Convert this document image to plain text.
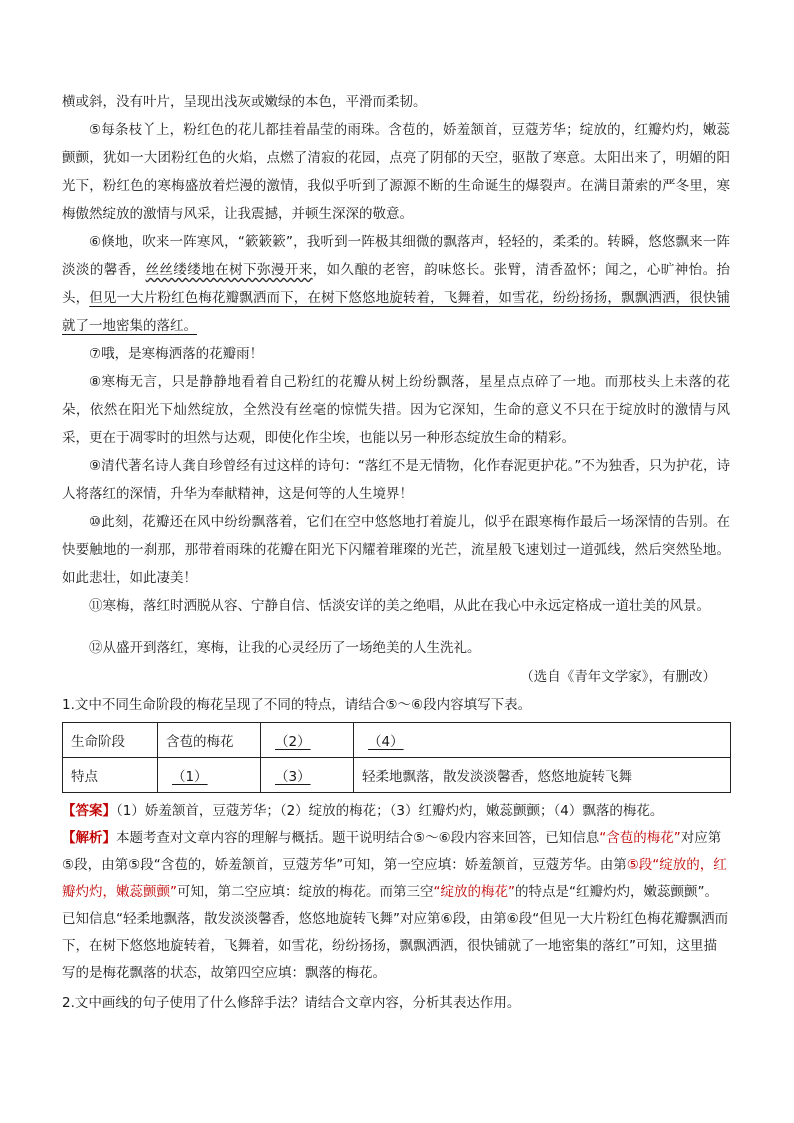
横或斜，没有叶片，呈现出浅灰或嫩绿的本色，平滑而柔韧。

⑤每条枝丫上，粉红色的花儿都挂着晶莹的雨珠。含苞的，娇羞颔首，豆蔻芳华；绽放的，红瓣灼灼，嫩蕊颤颤，犹如一大团粉红色的火焰，点燃了清寂的花园，点亮了阴郁的天空，驱散了寒意。太阳出来了，明媚的阳光下，粉红色的寒梅盛放着烂漫的激情，我似乎听到了源源不断的生命诞生的爆裂声。在满目萧索的严冬里，寒梅傲然绽放的激情与风采，让我震撼，并顿生深深的敬意。

⑥倏地，吹来一阵寒风，“簌簌簌”，我听到一阵极其细微的飘落声，轻轻的，柔柔的。转瞬，悠悠飘来一阵淡淡的馨香，丝丝缕缕地在树下弥漫开来，如久酿的老窖，韵味悠长。张臂，清香盈怀；闻之，心旷神怡。抬头，但见一大片粉红色梅花瓣飘洒而下，在树下悠悠地旋转着，飞舞着，如雪花，纷纷扬扬，飘飘洒洒，很快铺就了一地密集的落红。

⑦哦，是寒梅洒落的花瓣雨！

⑧寒梅无言，只是静静地看着自己粉红的花瓣从树上纷纷飘落，星星点点碎了一地。而那枝头上未落的花朵，依然在阳光下灿然绽放，全然没有丝毫的惊慌失措。因为它深知，生命的意义不只在于绽放时的激情与风采，更在于凋零时的坦然与达观，即使化作尘埃，也能以另一种形态绽放生命的精彩。

⑨清代著名诗人龚自珍曾经有过这样的诗句：“落红不是无情物，化作春泥更护花。”不为独香，只为护花，诗人将落红的深情，升华为奉献精神，这是何等的人生境界！

⑩此刻，花瓣还在风中纷纷飘落着，它们在空中悠悠地打着旋儿，似乎在跟寒梅作最后一场深情的告别。在快要触地的一刹那，那带着雨珠的花瓣在阳光下闪耀着璀璨的光芒，流星般飞速划过一道弧线，然后突然坠地。如此悲壮，如此凄美！

⑪寒梅，落红时洒脱从容、宁静自信、恬淡安详的美之绝唱，从此在我心中永远定格成一道壮美的风景。

⑫从盛开到落红，寒梅，让我的心灵经历了一场绝美的人生洗礼。

（选自《青年文学家》，有删改）

1.文中不同生命阶段的梅花呈现了不同的特点，请结合⑤～⑥段内容填写下表。

生命阶段	含苞的梅花	（2）	（4）
特点	（1）	（3）	轻柔地飘落，散发淡淡馨香，悠悠地旋转飞舞

【答案】（1）娇羞颔首，豆蔻芳华；（2）绽放的梅花；（3）红瓣灼灼，嫩蕊颤颤；（4）飘落的梅花。

【解析】本题考查对文章内容的理解与概括。题干说明结合⑤～⑥段内容来回答，已知信息“含苞的梅花”对应第⑤段，由第⑤段“含苞的，娇羞颔首，豆蔻芳华”可知，第一空应填：娇羞颔首，豆蔻芳华。由第⑤段“绽放的，红瓣灼灼，嫩蕊颤颤”可知，第二空应填：绽放的梅花。而第三空“绽放的梅花”的特点是“红瓣灼灼，嫩蕊颤颤”。已知信息“轻柔地飘落，散发淡淡馨香，悠悠地旋转飞舞”对应第⑥段，由第⑥段“但见一大片粉红色梅花瓣飘洒而下，在树下悠悠地旋转着，飞舞着，如雪花，纷纷扬扬，飘飘洒洒，很快铺就了一地密集的落红”可知，这里描写的是梅花飘落的状态，故第四空应填：飘落的梅花。

2.文中画线的句子使用了什么修辞手法？请结合文章内容，分析其表达作用。
